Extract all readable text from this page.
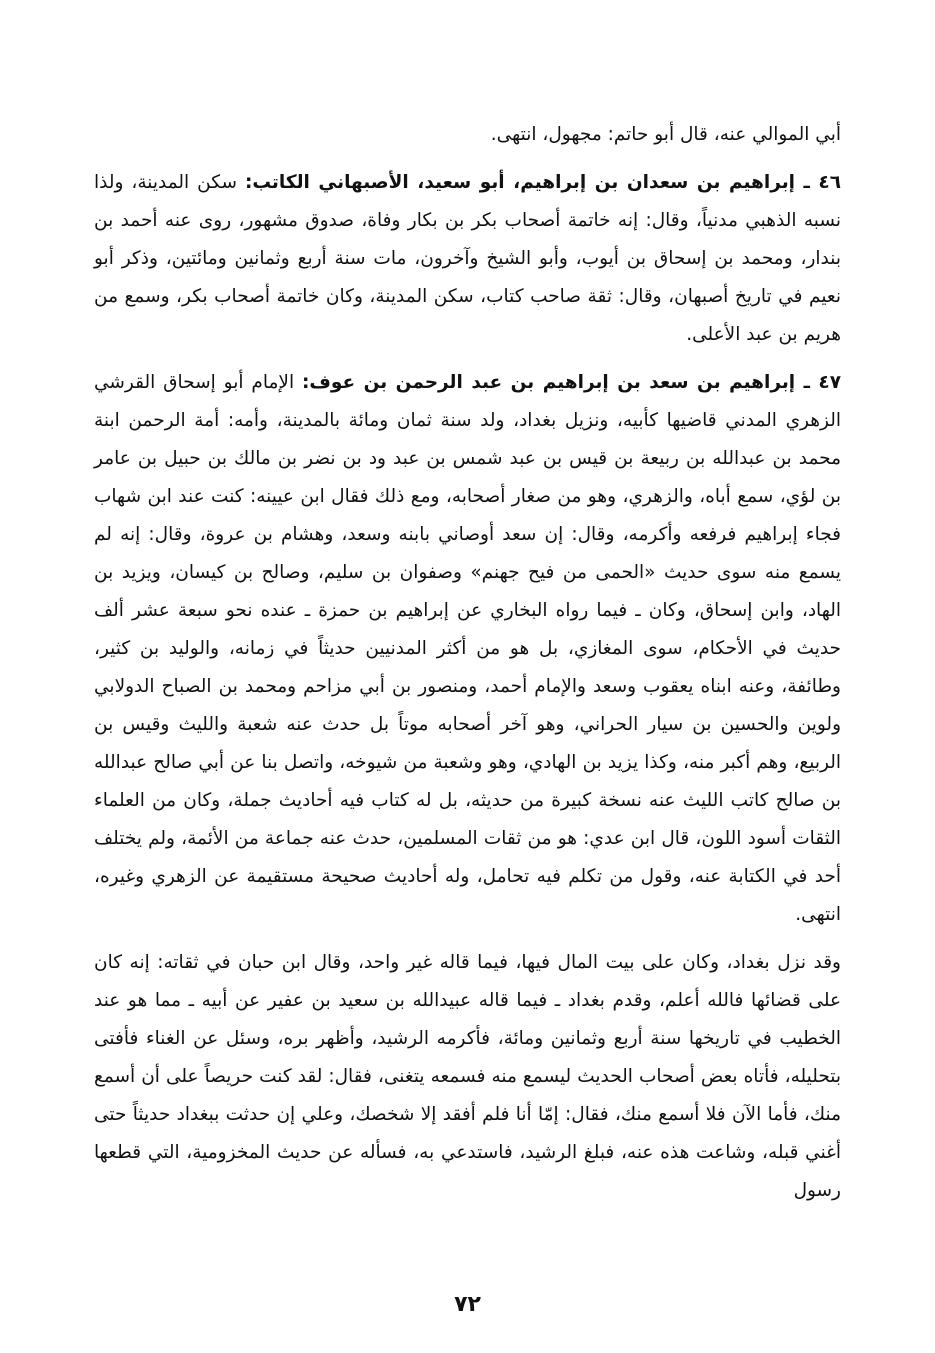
أبي الموالي عنه، قال أبو حاتم: مجهول، انتهى.

٤٦ ـ إبراهيم بن سعدان بن إبراهيم، أبو سعيد، الأصبهاني الكاتب: سكن المدينة، ولذا نسبه الذهبي مدنياً، وقال: إنه خاتمة أصحاب بكر بن بكار وفاة، صدوق مشهور، روى عنه أحمد بن بندار، ومحمد بن إسحاق بن أيوب، وأبو الشيخ وآخرون، مات سنة أربع وثمانين ومائتين، وذكر أبو نعيم في تاريخ أصبهان، وقال: ثقة صاحب كتاب، سكن المدينة، وكان خاتمة أصحاب بكر، وسمع من هريم بن عبد الأعلى.

٤٧ ـ إبراهيم بن سعد بن إبراهيم بن عبد الرحمن بن عوف: الإمام أبو إسحاق القرشي الزهري المدني قاضيها كأبيه، ونزيل بغداد، ولد سنة ثمان ومائة بالمدينة، وأمه: أمة الرحمن ابنة محمد بن عبدالله بن ربيعة بن قيس بن عبد شمس بن عبد ود بن نضر بن مالك بن حبيل بن عامر بن لؤي، سمع أباه، والزهري، وهو من صغار أصحابه، ومع ذلك فقال ابن عيينه: كنت عند ابن شهاب فجاء إبراهيم فرفعه وأكرمه، وقال: إن سعد أوصاني بابنه وسعد، وهشام بن عروة، وقال: إنه لم يسمع منه سوى حديث «الحمى من فيح جهنم» وصفوان بن سليم، وصالح بن كيسان، ويزيد بن الهاد، وابن إسحاق، وكان ـ فيما رواه البخاري عن إبراهيم بن حمزة ـ عنده نحو سبعة عشر ألف حديث في الأحكام، سوى المغازي، بل هو من أكثر المدنيين حديثاً في زمانه، والوليد بن كثير، وطائفة، وعنه ابناه يعقوب وسعد والإمام أحمد، ومنصور بن أبي مزاحم ومحمد بن الصباح الدولابي ولوين والحسين بن سيار الحراني، وهو آخر أصحابه موتاً بل حدث عنه شعبة والليث وقيس بن الربيع، وهم أكبر منه، وكذا يزيد بن الهادي، وهو وشعبة من شيوخه، واتصل بنا عن أبي صالح عبدالله بن صالح كاتب الليث عنه نسخة كبيرة من حديثه، بل له كتاب فيه أحاديث جملة، وكان من العلماء الثقات أسود اللون، قال ابن عدي: هو من ثقات المسلمين، حدث عنه جماعة من الأئمة، ولم يختلف أحد في الكتابة عنه، وقول من تكلم فيه تحامل، وله أحاديث صحيحة مستقيمة عن الزهري وغيره، انتهى.

وقد نزل بغداد، وكان على بيت المال فيها، فيما قاله غير واحد، وقال ابن حبان في ثقاته: إنه كان على قضائها فالله أعلم، وقدم بغداد ـ فيما قاله عبيدالله بن سعيد بن عفير عن أبيه ـ مما هو عند الخطيب في تاريخها سنة أربع وثمانين ومائة، فأكرمه الرشيد، وأظهر بره، وسئل عن الغناء فأفتى بتحليله، فأتاه بعض أصحاب الحديث ليسمع منه فسمعه يتغنى، فقال: لقد كنت حريصاً على أن أسمع منك، فأما الآن فلا أسمع منك، فقال: إمّا أنا فلم أفقد إلا شخصك، وعلي إن حدثت ببغداد حديثاً حتى أغني قبله، وشاعت هذه عنه، فبلغ الرشيد، فاستدعي به، فسأله عن حديث المخزومية، التي قطعها رسول

٧٢
